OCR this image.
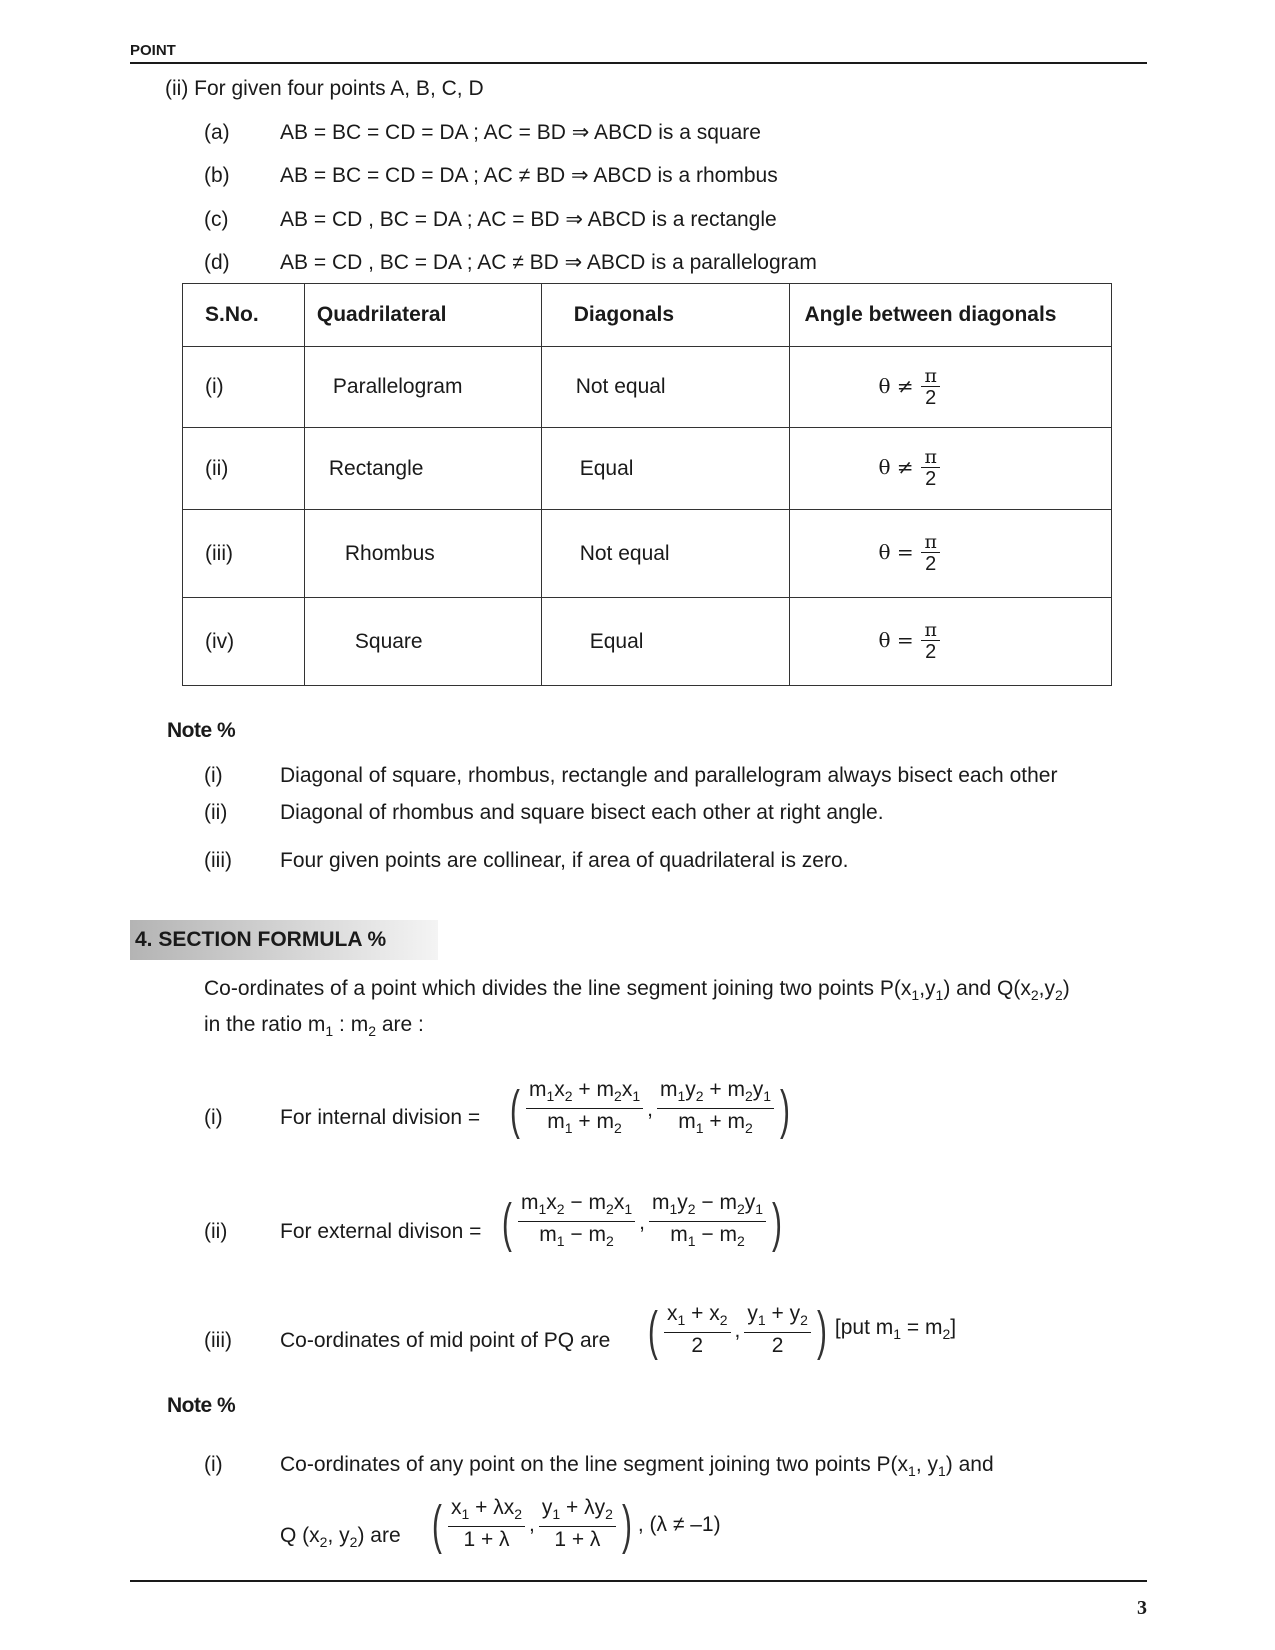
POINT
(ii) For given four points A, B, C, D
(a) AB = BC = CD = DA ; AC = BD ⇒ ABCD is a square
(b) AB = BC = CD = DA ; AC ≠ BD ⇒ ABCD is a rhombus
(c) AB = CD , BC = DA ; AC = BD ⇒ ABCD is a rectangle
(d) AB = CD , BC = DA ; AC ≠ BD ⇒ ABCD is a parallelogram
S.No.	Quadrilateral	Diagonals	Angle between diagonals
(i)	Parallelogram	Not equal	$\theta \ne \frac{\pi}{2}$

(ii)	Rectangle	Equal	$\theta \ne \frac{\pi}{2}$

(iii)	Rhombus	Not equal	$\theta = \frac{\pi}{2}$

(iv)	Square	Equal	$\theta = \frac{\pi}{2}$
Note %
(i)	Diagonal of square, rhombus, rectangle and parallelogram always bisect each other
(ii)	Diagonal of rhombus and square bisect each other at right angle.
(iii) Four given points are collinear, if area of quadrilateral is zero.
4. SECTION FORMULA %
Co-ordinates of a point which divides the line segment joining two points $P(x_1,y_1)$ and $Q(x_2,y_2)$
in the ratio $m_1$ : $m_2$ are :
(i)	For internal division = ( $\frac{m_1x_2 + m_2x_1}{m_1 + m_2}$ , $\frac{m_1y_2 + m_2y_1}{m_1 + m_2}$ )
(ii)	For external divison = ( $\frac{m_1x_2 - m_2x_1}{m_1 - m_2}$ , $\frac{m_1y_2 - m_2y_1}{m_1 - m_2}$ )
(iii) Co-ordinates of mid point of PQ are ( $\frac{x_1 + x_2}{2}$ , $\frac{y_1 + y_2}{2}$ ) [put $m_1 = m_2$]
Note %
(i)	Co-ordinates of any point on the line segment joining two points $P(x_1$, $y_1$) and
Q ($x_2$, $y_2$) are ( $\frac{x_1 + \lambda x_2}{1 + \lambda}$ , $\frac{y_1 + \lambda y_2}{1 + \lambda}$ ) , (λ ≠ –1)
3
